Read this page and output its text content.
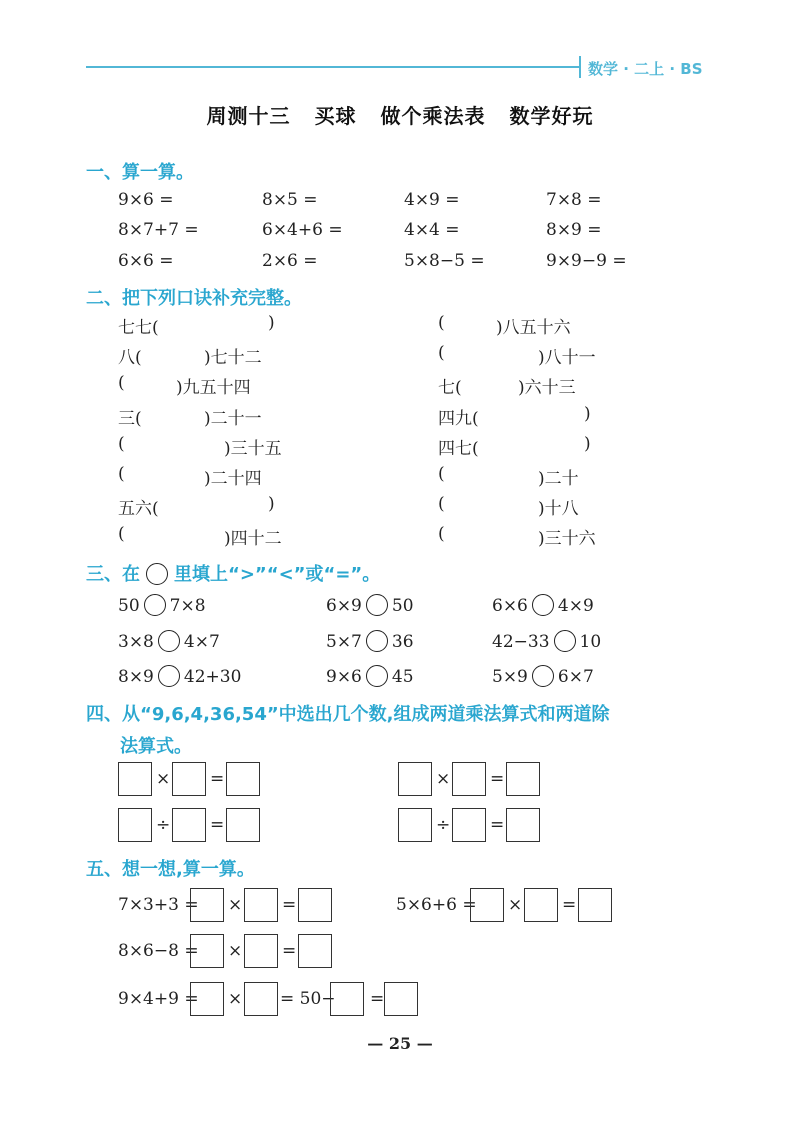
数学 · 二上 · BS
周测十三 买球 做个乘法表 数学好玩
一、算一算。
9×6 =	8×5 =	4×9 =	7×8 =
8×7+7 =	6×4+6 =	4×4 =	8×9 =
6×6 =	2×6 =	5×8−5 =	9×9−9 =
二、把下列口诀补充完整。
七七(	)	(	)八五十六
八(	)七十二	(	)八十一
(	)九五十四	七(	)六十三
三(	)二十一	四九(	)
(	)三十五	四七(	)
(	)二十四	(	)二十
五六(	)	(	)十八
(	)四十二	(	)三十六
三、在 里填上“>”“<”或“=”。
50 7×8	6×9 50	6×6 4×9
3×8 4×7	5×7 36	42−33 10
8×9 42+30	9×6 45	5×9 6×7
四、从“9,6,4,36,54”中选出几个数,组成两道乘法算式和两道除
法算式。
× =	× =
÷ =	÷ =
五、想一想,算一算。
7×3+3 = × =	5×6+6 = × =
8×6−8 = × =
9×4+9 = × = 50− =
— 25 —
